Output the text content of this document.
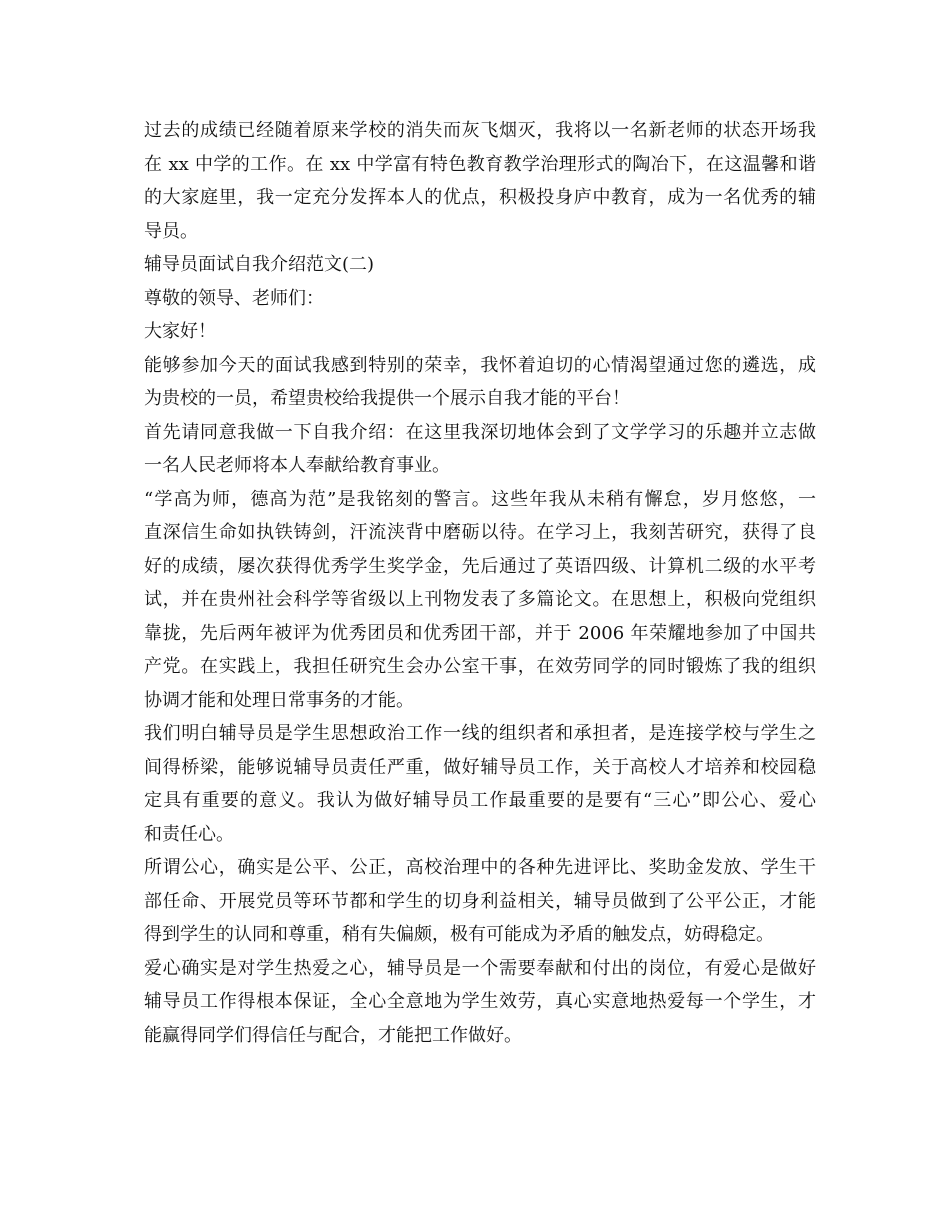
过去的成绩已经随着原来学校的消失而灰飞烟灭，我将以一名新老师的状态开场我

在 xx 中学的工作。在 xx 中学富有特色教育教学治理形式的陶冶下，在这温馨和谐

的大家庭里，我一定充分发挥本人的优点，积极投身庐中教育，成为一名优秀的辅

导员。

辅导员面试自我介绍范文(二)

尊敬的领导、老师们：

大家好！

能够参加今天的面试我感到特别的荣幸，我怀着迫切的心情渴望通过您的遴选，成

为贵校的一员，希望贵校给我提供一个展示自我才能的平台！

首先请同意我做一下自我介绍：在这里我深切地体会到了文学学习的乐趣并立志做

一名人民老师将本人奉献给教育事业。

“学高为师，德高为范”是我铭刻的警言。这些年我从未稍有懈怠，岁月悠悠，一

直深信生命如执铁铸剑，汗流浃背中磨砺以待。在学习上，我刻苦研究，获得了良

好的成绩，屡次获得优秀学生奖学金，先后通过了英语四级、计算机二级的水平考

试，并在贵州社会科学等省级以上刊物发表了多篇论文。在思想上，积极向党组织

靠拢，先后两年被评为优秀团员和优秀团干部，并于 2006 年荣耀地参加了中国共

产党。在实践上，我担任研究生会办公室干事，在效劳同学的同时锻炼了我的组织

协调才能和处理日常事务的才能。

我们明白辅导员是学生思想政治工作一线的组织者和承担者，是连接学校与学生之

间得桥梁，能够说辅导员责任严重，做好辅导员工作，关于高校人才培养和校园稳

定具有重要的意义。我认为做好辅导员工作最重要的是要有“三心”即公心、爱心

和责任心。

所谓公心，确实是公平、公正，高校治理中的各种先进评比、奖助金发放、学生干

部任命、开展党员等环节都和学生的切身利益相关，辅导员做到了公平公正，才能

得到学生的认同和尊重，稍有失偏颇，极有可能成为矛盾的触发点，妨碍稳定。

爱心确实是对学生热爱之心，辅导员是一个需要奉献和付出的岗位，有爱心是做好

辅导员工作得根本保证，全心全意地为学生效劳，真心实意地热爱每一个学生，才

能赢得同学们得信任与配合，才能把工作做好。
